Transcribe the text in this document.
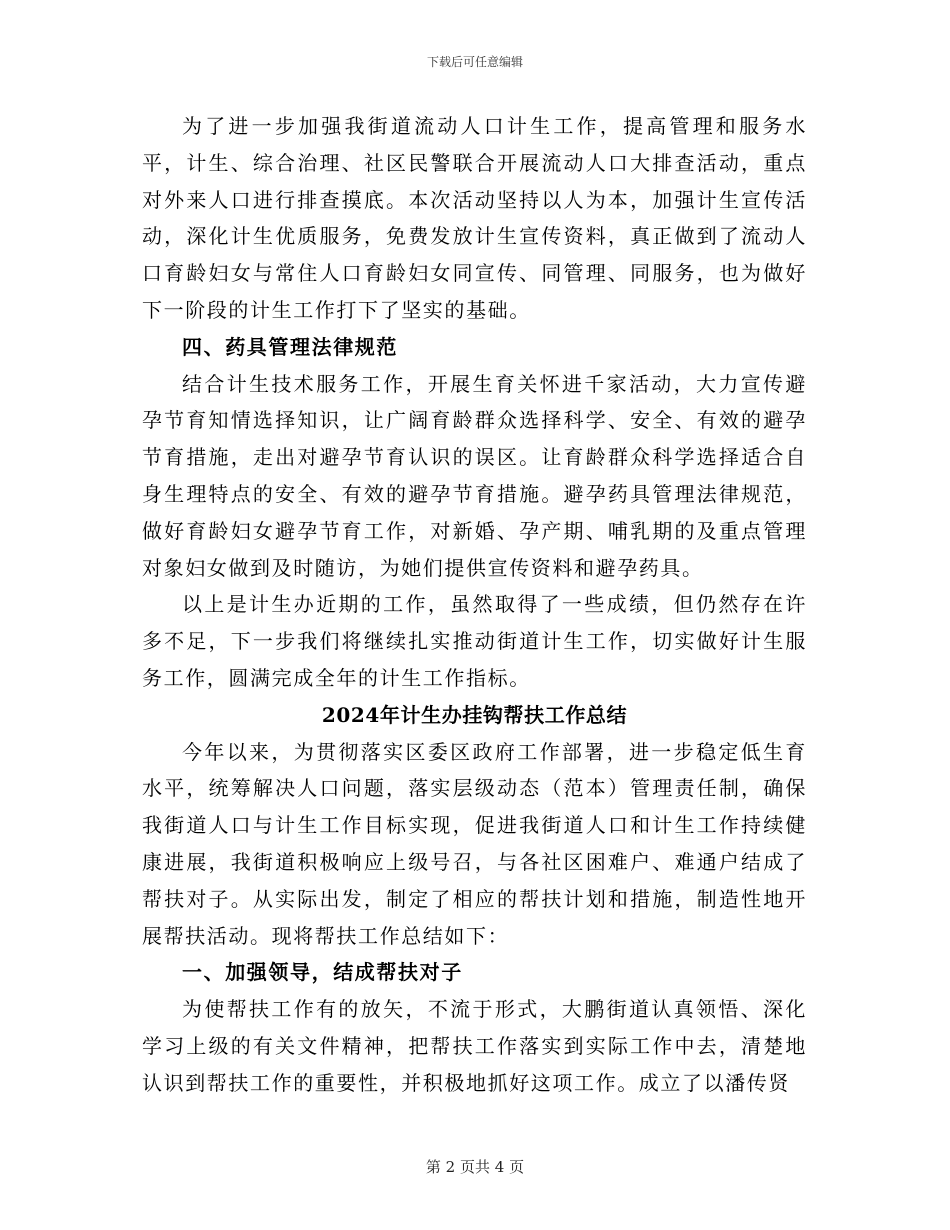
下载后可任意编辑

为了进一步加强我街道流动人口计生工作，提高管理和服务水平，计生、综合治理、社区民警联合开展流动人口大排查活动，重点对外来人口进行排查摸底。本次活动坚持以人为本，加强计生宣传活动，深化计生优质服务，免费发放计生宣传资料，真正做到了流动人口育龄妇女与常住人口育龄妇女同宣传、同管理、同服务，也为做好下一阶段的计生工作打下了坚实的基础。

四、药具管理法律规范

结合计生技术服务工作，开展生育关怀进千家活动，大力宣传避孕节育知情选择知识，让广阔育龄群众选择科学、安全、有效的避孕节育措施，走出对避孕节育认识的误区。让育龄群众科学选择适合自身生理特点的安全、有效的避孕节育措施。避孕药具管理法律规范，做好育龄妇女避孕节育工作，对新婚、孕产期、哺乳期的及重点管理对象妇女做到及时随访，为她们提供宣传资料和避孕药具。

以上是计生办近期的工作，虽然取得了一些成绩，但仍然存在许多不足，下一步我们将继续扎实推动街道计生工作，切实做好计生服务工作，圆满完成全年的计生工作指标。

2024年计生办挂钩帮扶工作总结

今年以来，为贯彻落实区委区政府工作部署，进一步稳定低生育水平，统筹解决人口问题，落实层级动态（范本）管理责任制，确保我街道人口与计生工作目标实现，促进我街道人口和计生工作持续健康进展，我街道积极响应上级号召，与各社区困难户、难通户结成了帮扶对子。从实际出发，制定了相应的帮扶计划和措施，制造性地开展帮扶活动。现将帮扶工作总结如下：

一、加强领导，结成帮扶对子

为使帮扶工作有的放矢，不流于形式，大鹏街道认真领悟、深化学习上级的有关文件精神，把帮扶工作落实到实际工作中去，清楚地认识到帮扶工作的重要性，并积极地抓好这项工作。成立了以潘传贤

第 2 页共 4 页
